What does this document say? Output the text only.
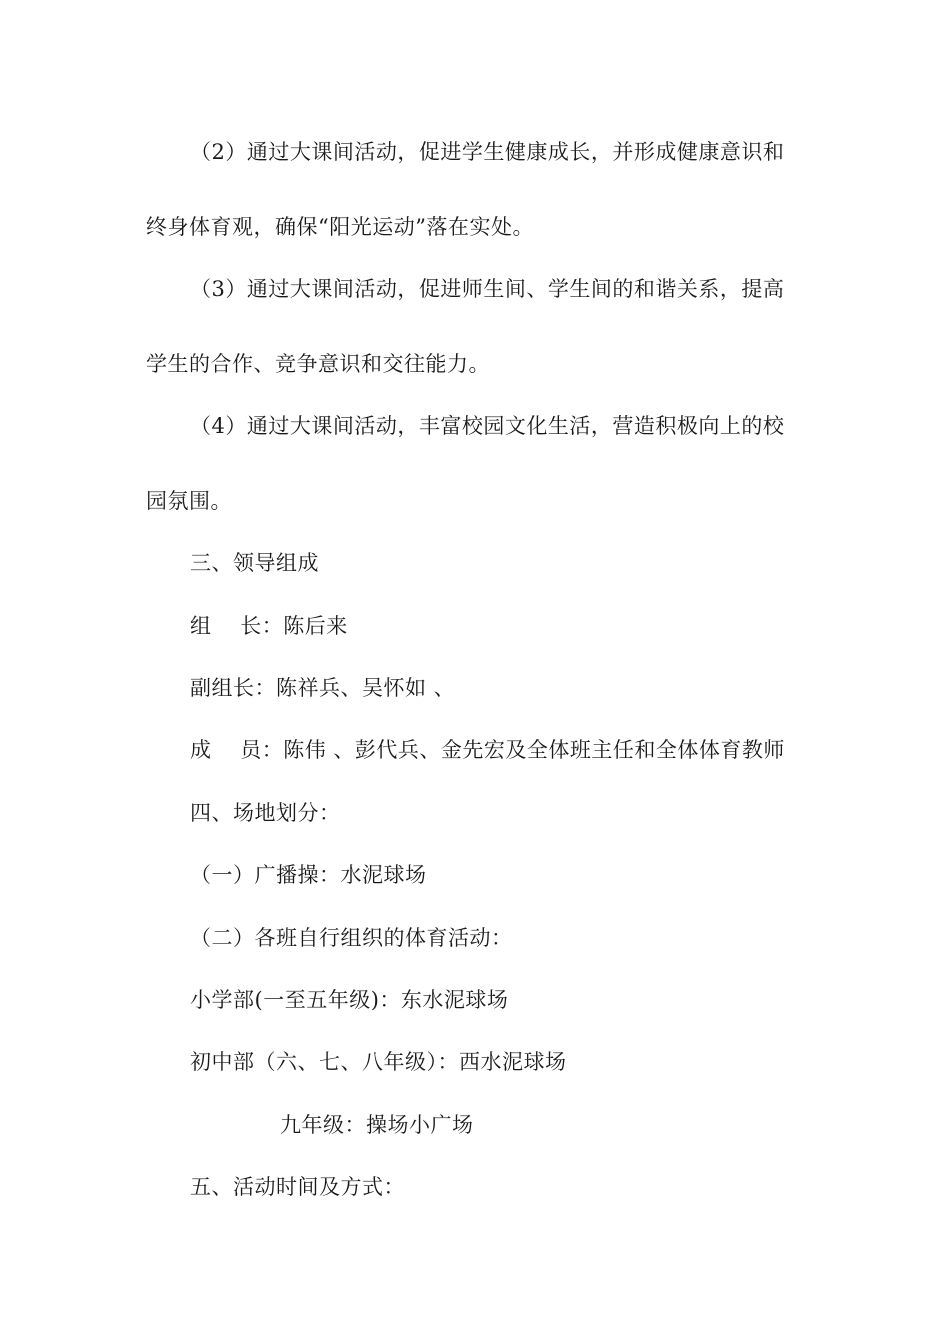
（2）通过大课间活动，促进学生健康成长，并形成健康意识和
终身体育观，确保“阳光运动”落在实处。
（3）通过大课间活动，促进师生间、学生间的和谐关系，提高
学生的合作、竞争意识和交往能力。
（4）通过大课间活动，丰富校园文化生活，营造积极向上的校
园氛围。
三、领导组成
组    长：陈后来
副组长：陈祥兵、吴怀如 、
成    员：陈伟 、彭代兵、金先宏及全体班主任和全体体育教师
四、场地划分：
（一）广播操：水泥球场
（二）各班自行组织的体育活动：
小学部(一至五年级)：东水泥球场
初中部（六、七、八年级）：西水泥球场
九年级：操场小广场
五、活动时间及方式：
